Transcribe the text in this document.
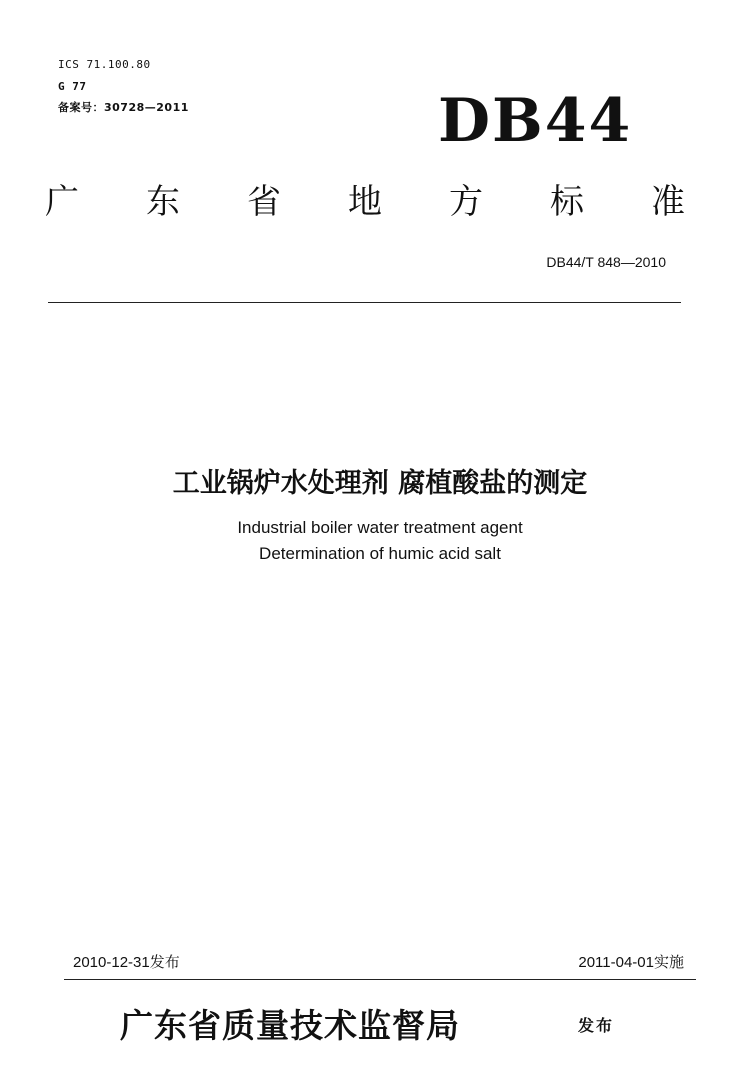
ICS 71.100.80
G 77
备案号：30728—2011	DB44
广 东 省 地 方 标 准
DB44/T 848—2010
工业锅炉水处理剂 腐植酸盐的测定
Industrial boiler water treatment agent
Determination of humic acid salt
2010-12-31发布	2011-04-01实施
广东省质量技术监督局	发布
